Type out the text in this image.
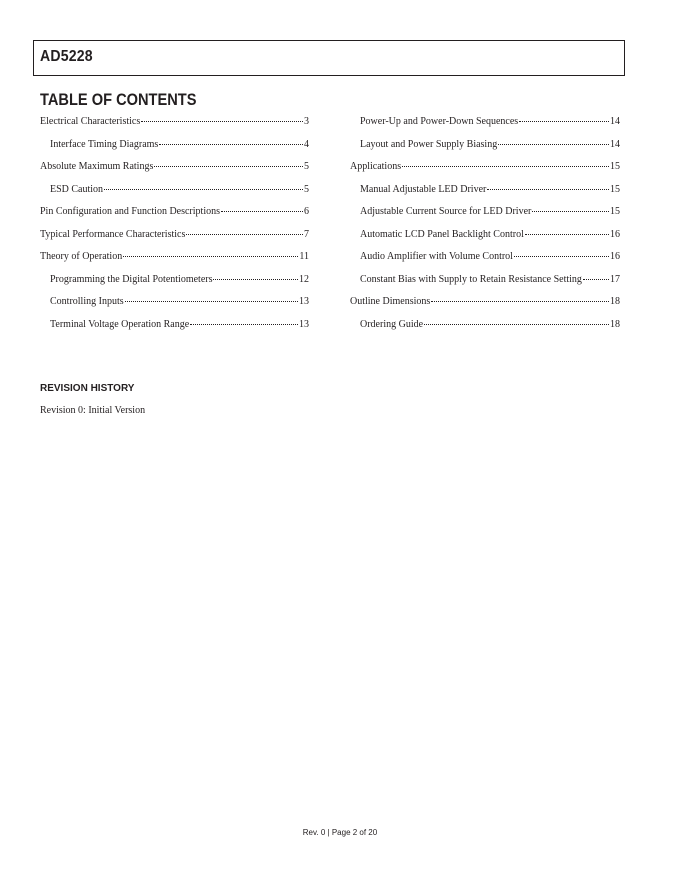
AD5228
TABLE OF CONTENTS
Electrical Characteristics	3
Interface Timing Diagrams	4
Absolute Maximum Ratings	5
ESD Caution	5
Pin Configuration and Function Descriptions	6
Typical Performance Characteristics	7
Theory of Operation	11
Programming the Digital Potentiometers	12
Controlling Inputs	13
Terminal Voltage Operation Range	13
Power-Up and Power-Down Sequences	14
Layout and Power Supply Biasing	14
Applications	15
Manual Adjustable LED Driver	15
Adjustable Current Source for LED Driver	15
Automatic LCD Panel Backlight Control	16
Audio Amplifier with Volume Control	16
Constant Bias with Supply to Retain Resistance Setting	17
Outline Dimensions	18
Ordering Guide	18
REVISION HISTORY
Revision 0: Initial Version
Rev. 0 | Page 2 of 20
